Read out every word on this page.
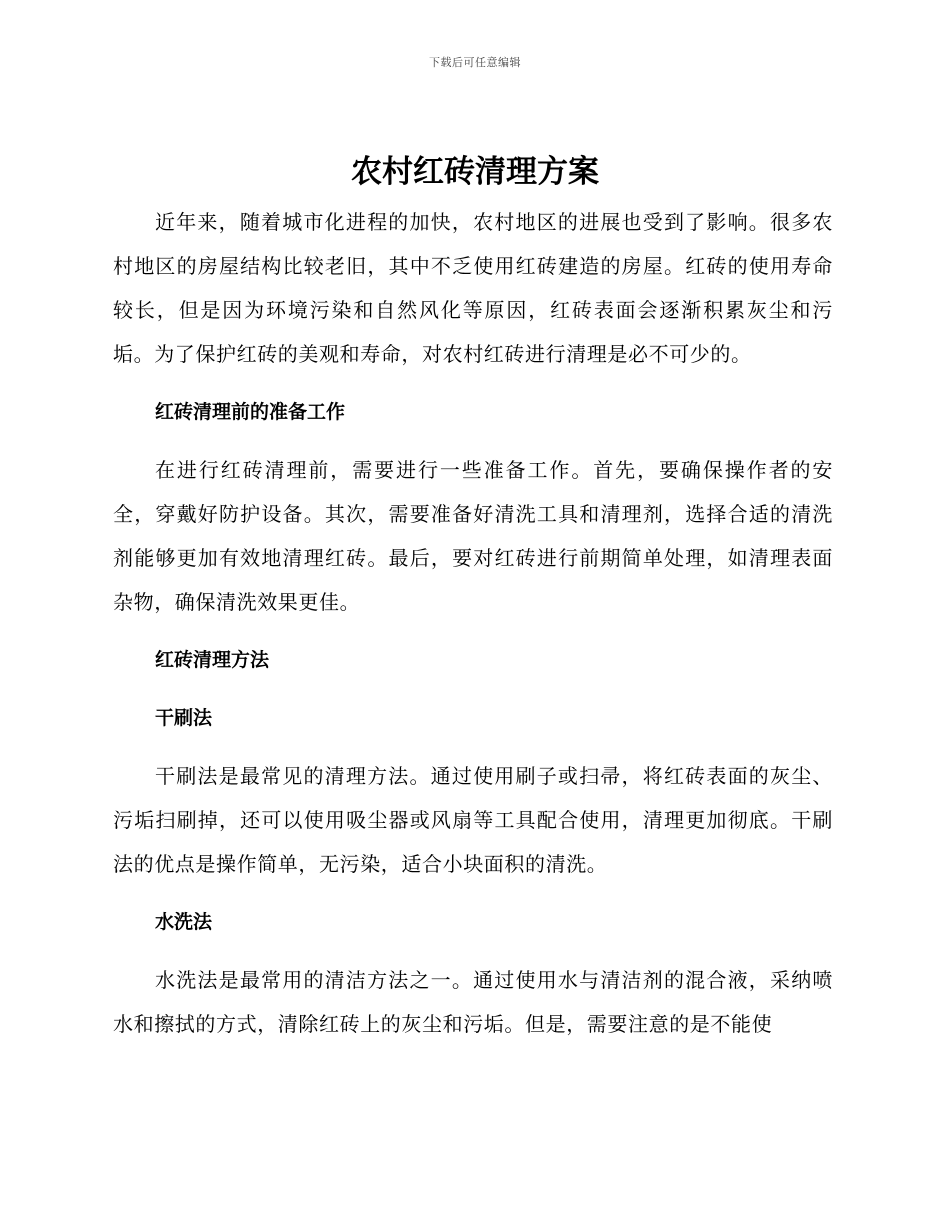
下载后可任意编辑
农村红砖清理方案

近年来，随着城市化进程的加快，农村地区的进展也受到了影响。很多农村地区的房屋结构比较老旧，其中不乏使用红砖建造的房屋。红砖的使用寿命较长，但是因为环境污染和自然风化等原因，红砖表面会逐渐积累灰尘和污垢。为了保护红砖的美观和寿命，对农村红砖进行清理是必不可少的。

红砖清理前的准备工作

在进行红砖清理前，需要进行一些准备工作。首先，要确保操作者的安全，穿戴好防护设备。其次，需要准备好清洗工具和清理剂，选择合适的清洗剂能够更加有效地清理红砖。最后，要对红砖进行前期简单处理，如清理表面杂物，确保清洗效果更佳。

红砖清理方法
干刷法

干刷法是最常见的清理方法。通过使用刷子或扫帚，将红砖表面的灰尘、污垢扫刷掉，还可以使用吸尘器或风扇等工具配合使用，清理更加彻底。干刷法的优点是操作简单，无污染，适合小块面积的清洗。

水洗法

水洗法是最常用的清洁方法之一。通过使用水与清洁剂的混合液，采纳喷水和擦拭的方式，清除红砖上的灰尘和污垢。但是，需要注意的是不能使
